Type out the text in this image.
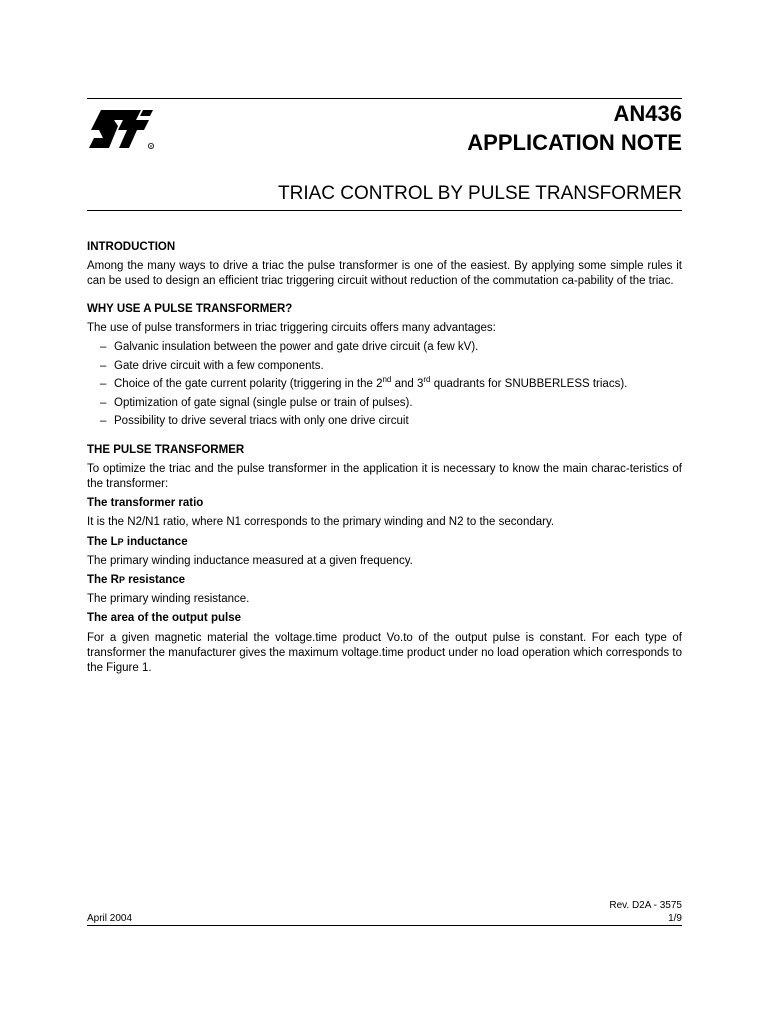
R
AN436
APPLICATION NOTE
TRIAC CONTROL BY PULSE TRANSFORMER
INTRODUCTION

Among the many ways to drive a triac the pulse transformer is one of the easiest. By applying some simple rules it can be used to design an efficient triac triggering circuit without reduction of the commutation ca-pability of the triac.

WHY USE A PULSE TRANSFORMER?

The use of pulse transformers in triac triggering circuits offers many advantages:

– Galvanic insulation between the power and gate drive circuit (a few kV).
– Gate drive circuit with a few components.
– Choice of the gate current polarity (triggering in the 2nd and 3rd quadrants for SNUBBERLESS triacs).
– Optimization of gate signal (single pulse or train of pulses).
– Possibility to drive several triacs with only one drive circuit
THE PULSE TRANSFORMER

To optimize the triac and the pulse transformer in the application it is necessary to know the main charac-teristics of the transformer:

The transformer ratio

It is the N2/N1 ratio, where N1 corresponds to the primary winding and N2 to the secondary.

The LP inductance

The primary winding inductance measured at a given frequency.

The RP resistance

The primary winding resistance.

The area of the output pulse

For a given magnetic material the voltage.time product Vo.to of the output pulse is constant. For each type of transformer the manufacturer gives the maximum voltage.time product under no load operation which corresponds to the Figure 1.

Rev. D2A - 3575
April 2004	1/9
